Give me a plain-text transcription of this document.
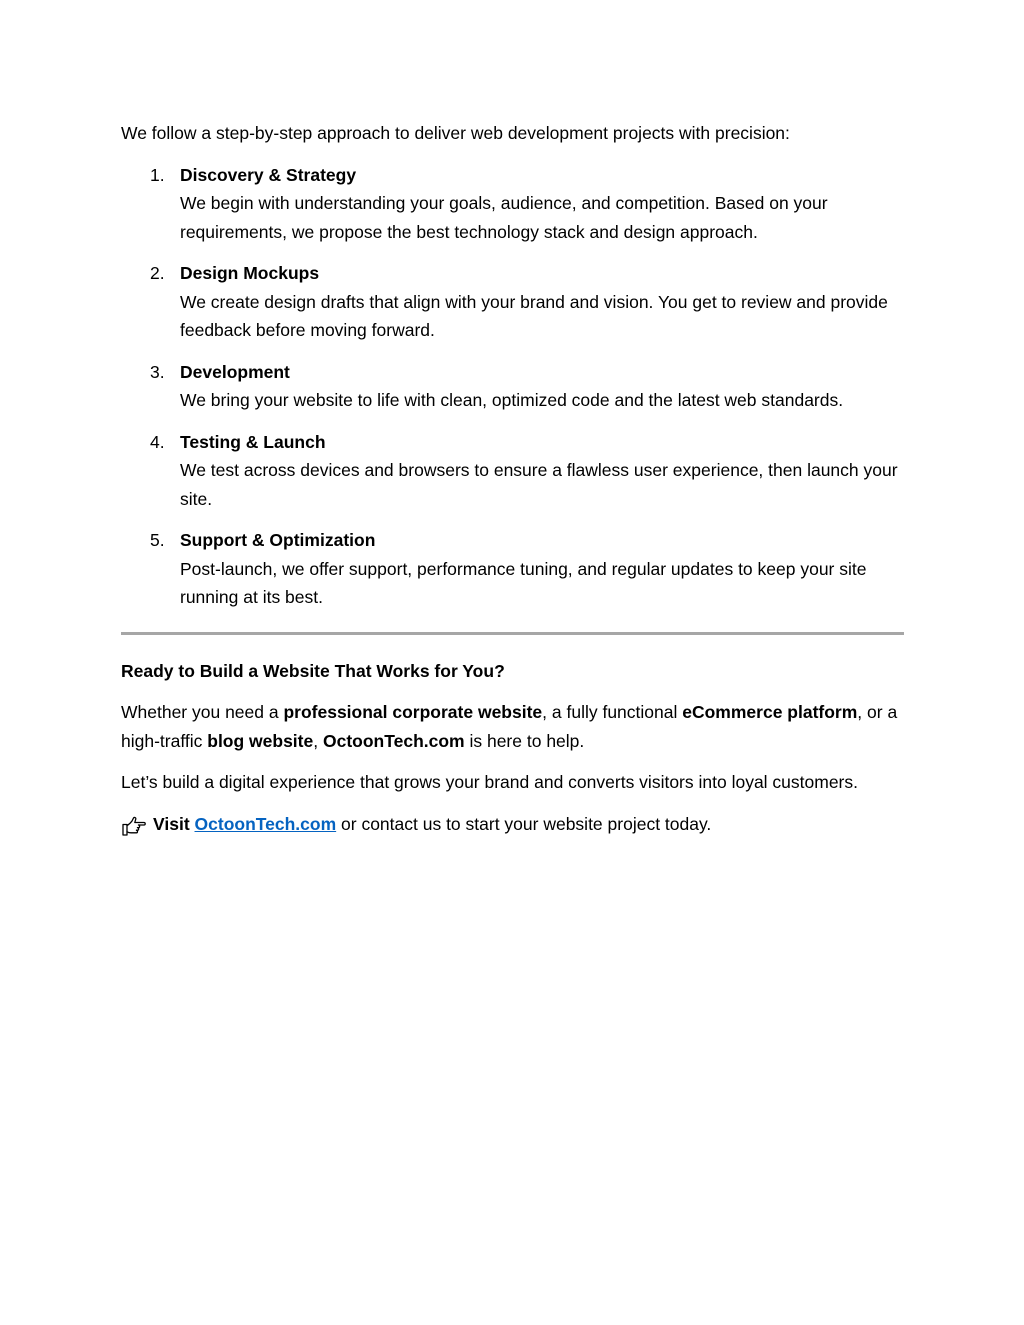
We follow a step-by-step approach to deliver web development projects with precision:

1. Discovery & Strategy
We begin with understanding your goals, audience, and competition. Based on your requirements, we propose the best technology stack and design approach.
2. Design Mockups
We create design drafts that align with your brand and vision. You get to review and provide feedback before moving forward.
3. Development
We bring your website to life with clean, optimized code and the latest web standards.
4. Testing & Launch
We test across devices and browsers to ensure a flawless user experience, then launch your site.
5. Support & Optimization
Post-launch, we offer support, performance tuning, and regular updates to keep your site running at its best.

Ready to Build a Website That Works for You?

Whether you need a professional corporate website, a fully functional eCommerce platform, or a high-traffic blog website, OctoonTech.com is here to help.

Let’s build a digital experience that grows your brand and converts visitors into loyal customers.

Visit
OctoonTech.com or contact us to start your website project today.
